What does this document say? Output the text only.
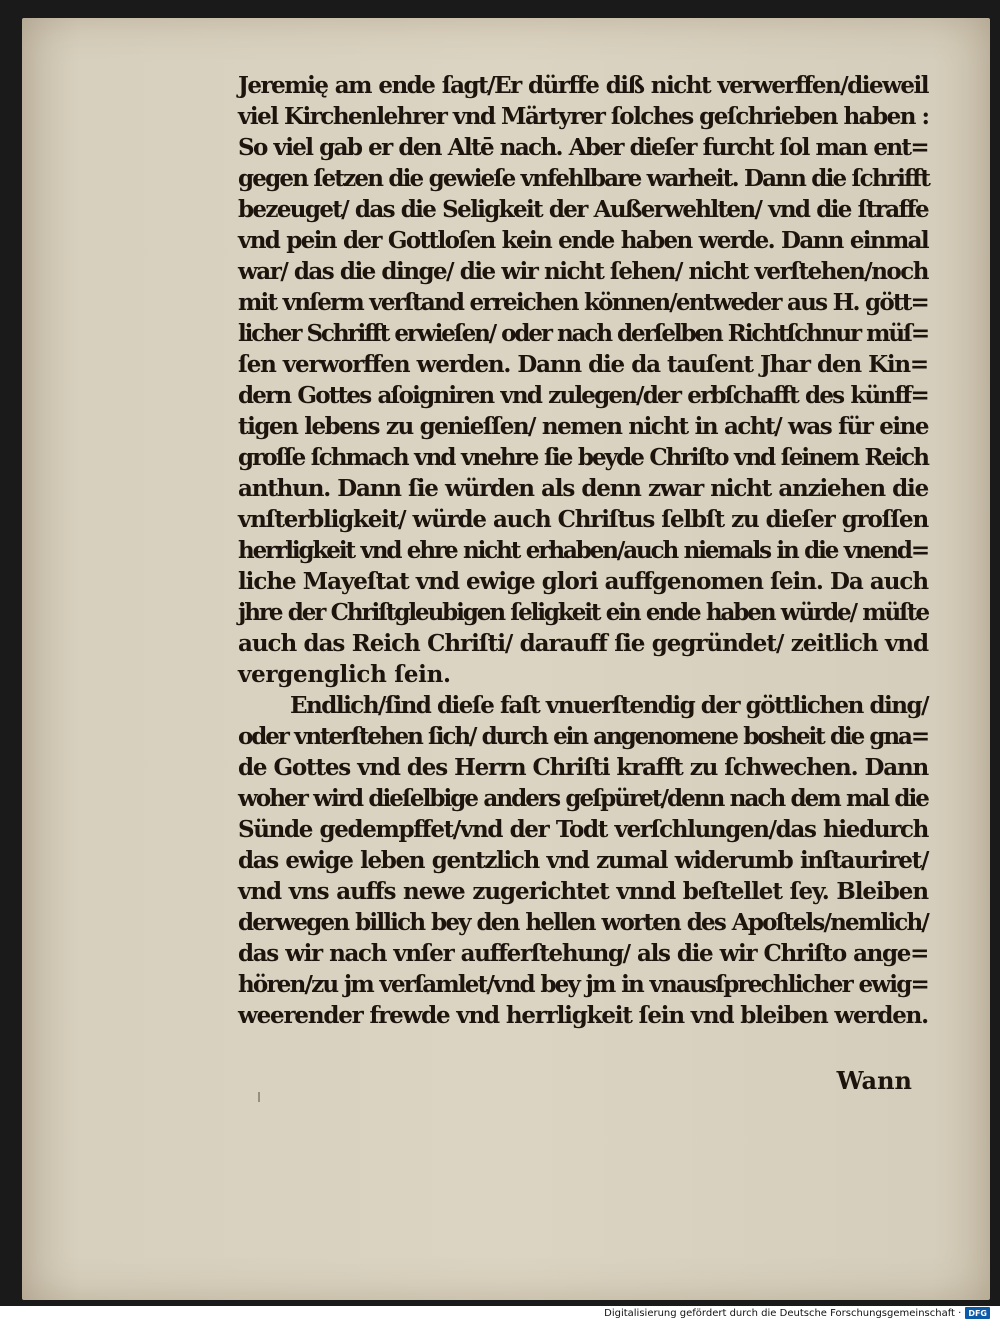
Jeremię am ende ſagt/Er dürffe diß nicht verwerffen/dieweil
viel Kirchenlehrer vnd Märtyrer ſolches geſchrieben haben :
So viel gab er den Altē nach. Aber dieſer furcht ſol man ent=
gegen ſetzen die gewieſe vnfehlbare warheit. Dann die ſchrifft
bezeuget/ das die Seligkeit der Außerwehlten/ vnd die ſtraffe
vnd pein der Gottloſen kein ende haben werde. Dann einmal
war/ das die dinge/ die wir nicht ſehen/ nicht verſtehen/noch
mit vnſerm verſtand erreichen können/entweder aus H. gött=
licher Schrifft erwieſen/ oder nach derſelben Richtſchnur müſ=
ſen verworffen werden. Dann die da tauſent Jhar den Kin=
dern Gottes aſoigniren vnd zulegen/der erbſchafft des künff=
tigen lebens zu genieſſen/ nemen nicht in acht/ was für eine
groſſe ſchmach vnd vnehre ſie beyde Chriſto vnd ſeinem Reich
anthun. Dann ſie würden als denn zwar nicht anziehen die
vnſterbligkeit/ würde auch Chriſtus ſelbſt zu dieſer groſſen
herrligkeit vnd ehre nicht erhaben/auch niemals in die vnend=
liche Mayeſtat vnd ewige glori auffgenomen ſein. Da auch
jhre der Chriſtgleubigen ſeligkeit ein ende haben würde/ müſte
auch das Reich Chriſti/ darauff ſie gegründet/ zeitlich vnd
vergenglich ſein.
Endlich/ſind dieſe faſt vnuerſtendig der göttlichen ding/
oder vnterſtehen ſich/ durch ein angenomene bosheit die gna=
de Gottes vnd des Herrn Chriſti krafft zu ſchwechen. Dann
woher wird dieſelbige anders geſpüret/denn nach dem mal die
Sünde gedempffet/vnd der Todt verſchlungen/das hiedurch
das ewige leben gentzlich vnd zumal widerumb inſtauriret/
vnd vns auffs newe zugerichtet vnnd beſtellet ſey. Bleiben
derwegen billich bey den hellen worten des Apoſtels/nemlich/
das wir nach vnſer aufferſtehung/ als die wir Chriſto ange=
hören/zu jm verſamlet/vnd bey jm in vnausſprechlicher ewig=
weerender frewde vnd herrligkeit ſein vnd bleiben werden.
Wann
Digitalisierung gefördert durch die Deutsche Forschungsgemeinschaft · DFG
